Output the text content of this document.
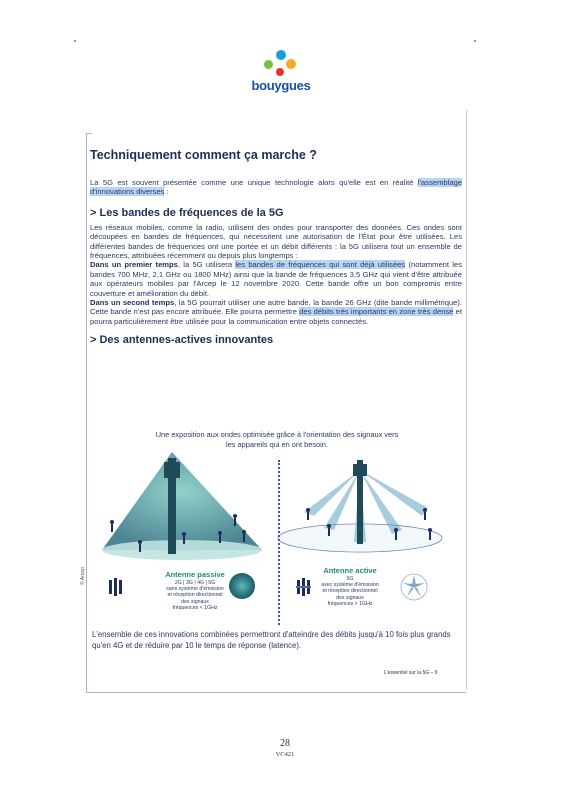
bouygues
Techniquement comment ça marche ?

La 5G est souvent présentée comme une unique technologie alors qu'elle est en réalité l'assemblage d'innovations diverses :

> Les bandes de fréquences de la 5G

Les réseaux mobiles, comme la radio, utilisent des ondes pour transporter des données. Ces ondes sont découpées en bandes de fréquences, qui nécessitent une autorisation de l'État pour être utilisées. Les différentes bandes de fréquences ont une portée et un débit différents : la 5G utilisera tout un ensemble de fréquences, attribuées récemment ou depuis plus longtemps :

Dans un premier temps, la 5G utilisera les bandes de fréquences qui sont déjà utilisées (notamment les bandes 700 MHz, 2,1 GHz ou 1800 MHz) ainsi que la bande de fréquences 3,5 GHz qui vient d'être attribuée aux opérateurs mobiles par l'Arcep le 12 novembre 2020. Cette bande offre un bon compromis entre couverture et amélioration du débit.

Dans un second temps, la 5G pourrait utiliser une autre bande, la bande 26 GHz (dite bande millimétrique). Cette bande n'est pas encore attribuée. Elle pourra permettre des débits très importants en zone très dense et pourra particulièrement être utilisée pour la communication entre objets connectés.

> Des antennes-actives innovantes
Une exposition aux ondes optimisée grâce à l'orientation des signaux vers les appareils qui en ont besoin.
Antenne passive
2G | 3G | 4G | 5G
sans système d'émission
et réception directionnel
des signaux
fréquences < 1GHz
Antenne active
5G
avec système d'émission
et réception directionnel
des signaux
fréquences > 1GHz
© Arcep

L'ensemble de ces innovations combinées permettront d'atteindre des débits jusqu'à 10 fois plus grands qu'en 4G et de réduire par 10 le temps de réponse (latence).

L'essentiel sur la 5G – 9
28
VC421
